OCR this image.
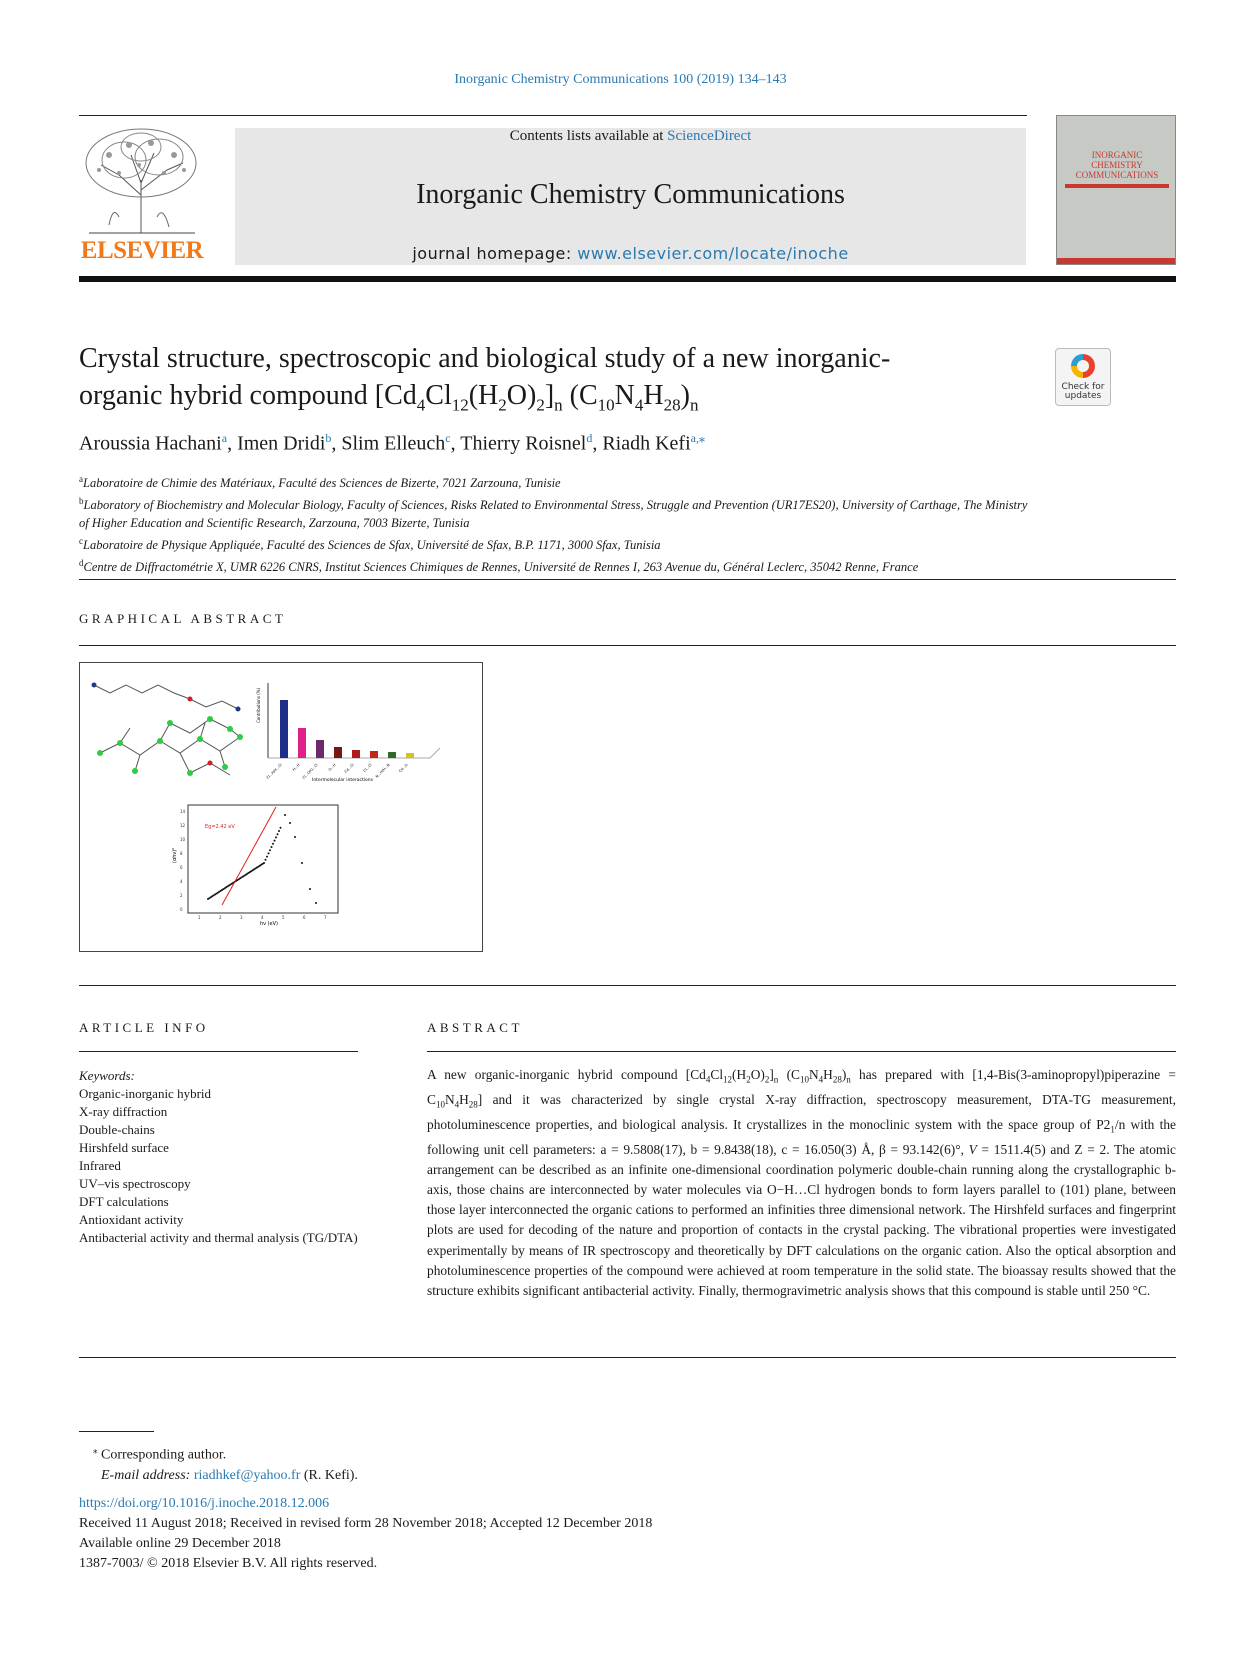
Inorganic Chemistry Communications 100 (2019) 134–143
ELSEVIER
Contents lists available at ScienceDirect
Inorganic Chemistry Communications
journal homepage: www.elsevier.com/locate/inoche
INORGANIC CHEMISTRY COMMUNICATIONS
Crystal structure, spectroscopic and biological study of a new inorganic-
organic hybrid compound $[Cd_4Cl_{12}(H_2O)_2]_n$ $(C_{10}N_4H_{28})_n$
Check for
updates
Aroussia Hachani$^a$, Imen Dridi$^b$, Slim Elleuch$^c$, Thierry Roisnel$^d$, Riadh Kefi$^{a,⁎}$
$^a$Laboratoire de Chimie des Matériaux, Faculté des Sciences de Bizerte, 7021 Zarzouna, Tunisie
$^b$Laboratory of Biochemistry and Molecular Biology, Faculty of Sciences, Risks Related to Environmental Stress, Struggle and Prevention (UR17ES20), University of Carthage, The Ministry of Higher Education and Scientific Research, Zarzouna, 7003 Bizerte, Tunisia
$^c$Laboratoire de Physique Appliquée, Faculté des Sciences de Sfax, Université de Sfax, B.P. 1171, 3000 Sfax, Tunisia
$^d$Centre de Diffractométrie X, UMR 6226 CNRS, Institut Sciences Chimiques de Rennes, Université de Rennes I, 263 Avenue du, Général Leclerc, 35042 Renne, France
GRAPHICAL ABSTRACT
Cl...H/H...Cl	H...H Cl...O/O...Cl	O...H Cd...Cl Cl...Cl N...H/H...N Cd...O
Contributions (%)
Intermolecular interactions
Eg=2.42 eV
hν (eV)
(αhν)²
1	2	3	4	5	6	7
0
2
4
6
8
10
12
14
ARTICLE INFO
Keywords:
Organic-inorganic hybrid
X-ray diffraction
Double-chains
Hirshfeld surface
Infrared
UV–vis spectroscopy
DFT calculations
Antioxidant activity
Antibacterial activity and thermal analysis (TG/DTA)
ABSTRACT
A new organic-inorganic hybrid compound $[Cd_4Cl_{12}(H_2O)_2]_n$ $(C_{10}N_4H_{28})_n$ has prepared with [1,4-Bis(3-aminopropyl)piperazine = $C_{10}N_4H_{28}$] and it was characterized by single crystal X-ray diffraction, spectroscopy measurement, DTA-TG measurement, photoluminescence properties, and biological analysis. It crystallizes in the monoclinic system with the space group of $P2_1/n$ with the following unit cell parameters: a = 9.5808(17), b = 9.8438(18), c = 16.050(3) Å, β = 93.142(6)°, V = 1511.4(5) and Z = 2. The atomic arrangement can be described as an infinite one-dimensional coordination polymeric double-chain running along the crystallographic b-axis, those chains are interconnected by water molecules via O−H…Cl hydrogen bonds to form layers parallel to (101) plane, between those layer interconnected the organic cations to performed an infinities three dimensional network. The Hirshfeld surfaces and fingerprint plots are used for decoding of the nature and proportion of contacts in the crystal packing. The vibrational properties were investigated experimentally by means of IR spectroscopy and theoretically by DFT calculations on the organic cation. Also the optical absorption and photoluminescence properties of the compound were achieved at room temperature in the solid state. The bioassay results showed that the structure exhibits significant antibacterial activity. Finally, thermogravimetric analysis shows that this compound is stable until 250 °C.
⁎ Corresponding author.
E-mail address: riadhkef@yahoo.fr (R. Kefi).
https://doi.org/10.1016/j.inoche.2018.12.006
Received 11 August 2018; Received in revised form 28 November 2018; Accepted 12 December 2018
Available online 29 December 2018
1387-7003/ © 2018 Elsevier B.V. All rights reserved.
